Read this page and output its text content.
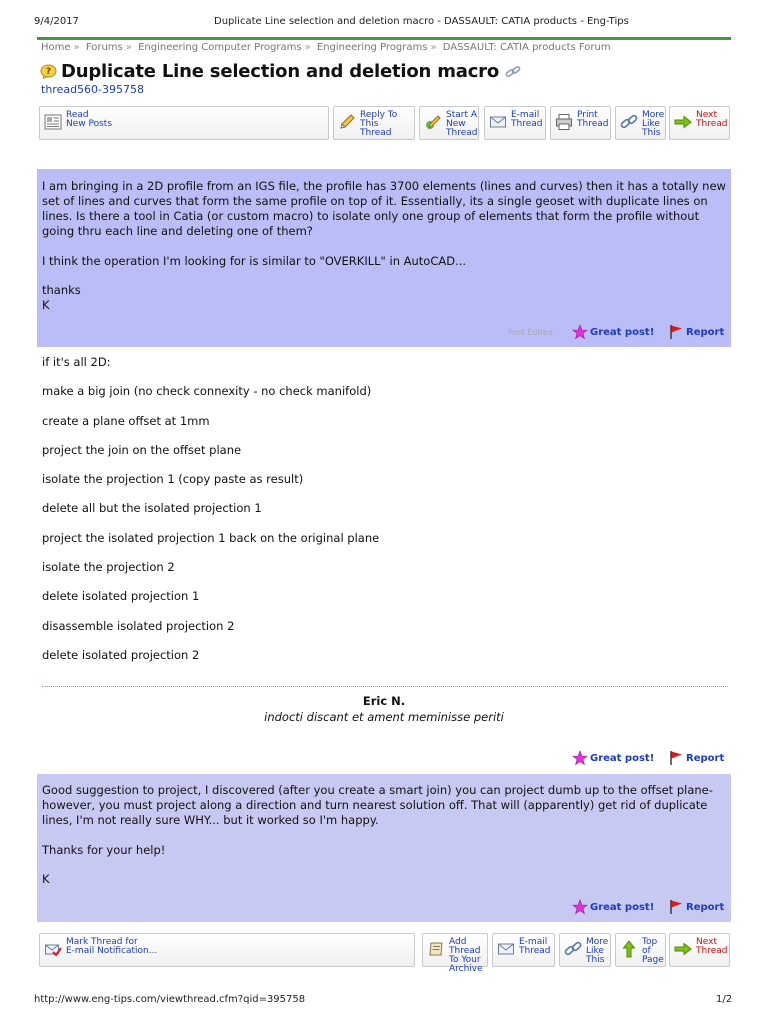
9/4/2017	Duplicate Line selection and deletion macro - DASSAULT: CATIA products - Eng-Tips
Home » Forums » Engineering Computer Programs » Engineering Programs » DASSAULT: CATIA products Forum
? Duplicate Line selection and deletion macro
thread560-395758
Read
New Posts
Reply To
This Thread
Start A
New
Thread
E-mail
Thread
Print
Thread
More
Like
This
Next
Thread

I am bringing in a 2D profile from an IGS file, the profile has 3700 elements (lines and curves) then it has a totally new set of lines and curves that form the same profile on top of it. Essentially, its a single geoset with duplicate lines on lines. Is there a tool in Catia (or custom macro) to isolate only one group of elements that form the profile without going thru each line and deleting one of them?

I think the operation I'm looking for is similar to "OVERKILL" in AutoCAD...

thanks

K

Post Edited	Great post!	Report

if it's all 2D:

make a big join (no check connexity - no check manifold)

create a plane offset at 1mm

project the join on the offset plane

isolate the projection 1 (copy paste as result)

delete all but the isolated projection 1

project the isolated projection 1 back on the original plane

isolate the projection 2

delete isolated projection 1

disassemble isolated projection 2

delete isolated projection 2

Eric N.
indocti discant et ament meminisse periti
Great post!	Report

Good suggestion to project, I discovered (after you create a smart join) you can project dumb up to the offset plane-however, you must project along a direction and turn nearest solution off. That will (apparently) get rid of duplicate lines, I'm not really sure WHY... but it worked so I'm happy.

Thanks for your help!

K

Great post!	Report
Mark Thread for
E-mail Notification...
Add
Thread
To Your
Archive
E-mail
Thread
More
Like
This
Top
of
Page
Next
Thread
http://www.eng-tips.com/viewthread.cfm?qid=395758	1/2
